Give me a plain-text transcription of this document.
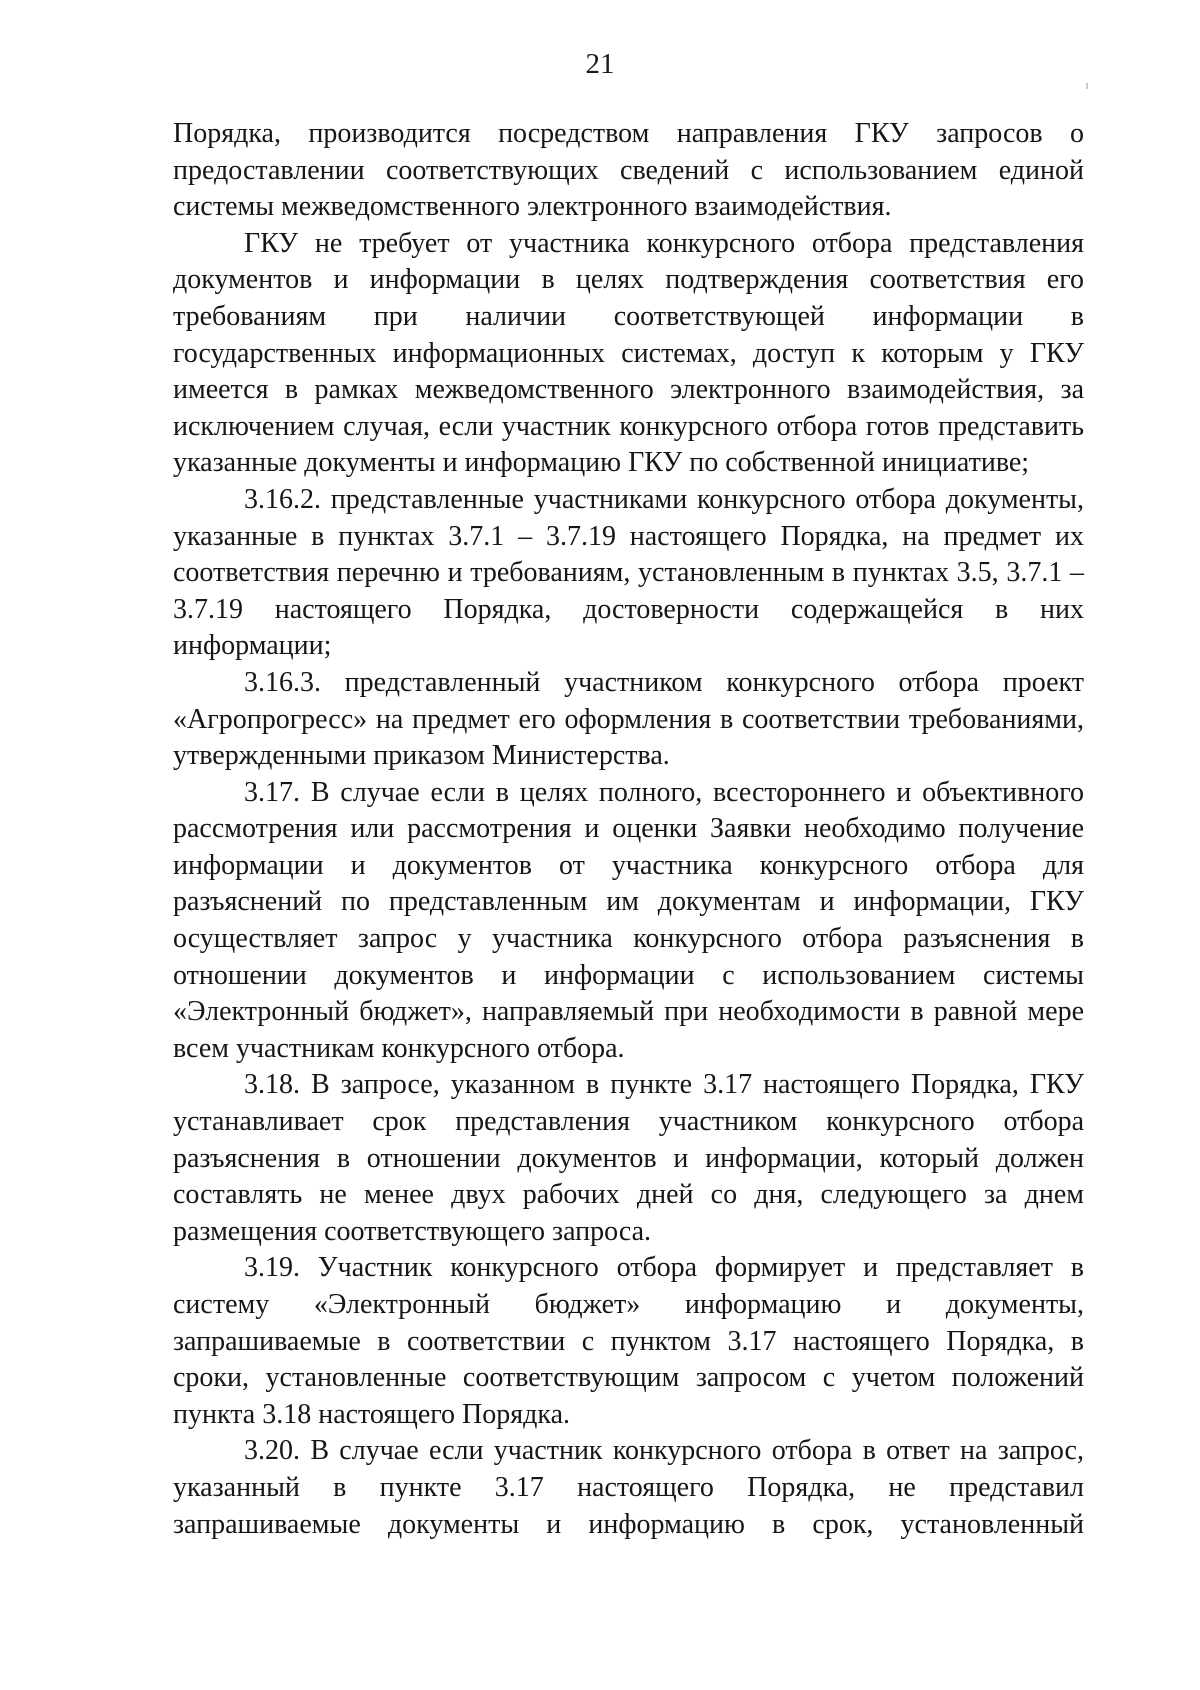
21

Порядка, производится посредством направления ГКУ запросов о предоставлении соответствующих сведений с использованием единой системы межведомственного электронного взаимодействия.

ГКУ не требует от участника конкурсного отбора представления документов и информации в целях подтверждения соответствия его требованиям при наличии соответствующей информации в государственных информационных системах, доступ к которым у ГКУ имеется в рамках межведомственного электронного взаимодействия, за исключением случая, если участник конкурсного отбора готов представить указанные документы и информацию ГКУ по собственной инициативе;

3.16.2. представленные участниками конкурсного отбора документы, указанные в пунктах 3.7.1 – 3.7.19 настоящего Порядка, на предмет их соответствия перечню и требованиям, установленным в пунктах 3.5, 3.7.1 – 3.7.19 настоящего Порядка, достоверности содержащейся в них информации;

3.16.3. представленный участником конкурсного отбора проект «Агропрогресс» на предмет его оформления в соответствии требованиями, утвержденными приказом Министерства.

3.17. В случае если в целях полного, всестороннего и объективного рассмотрения или рассмотрения и оценки Заявки необходимо получение информации и документов от участника конкурсного отбора для разъяснений по представленным им документам и информации, ГКУ осуществляет запрос у участника конкурсного отбора разъяснения в отношении документов и информации с использованием системы «Электронный бюджет», направляемый при необходимости в равной мере всем участникам конкурсного отбора.

3.18. В запросе, указанном в пункте 3.17 настоящего Порядка, ГКУ устанавливает срок представления участником конкурсного отбора разъяснения в отношении документов и информации, который должен составлять не менее двух рабочих дней со дня, следующего за днем размещения соответствующего запроса.

3.19. Участник конкурсного отбора формирует и представляет в систему «Электронный бюджет» информацию и документы, запрашиваемые в соответствии с пунктом 3.17 настоящего Порядка, в сроки, установленные соответствующим запросом с учетом положений пункта 3.18 настоящего Порядка.

3.20. В случае если участник конкурсного отбора в ответ на запрос, указанный в пункте 3.17 настоящего Порядка, не представил запрашиваемые документы и информацию в срок, установленный
